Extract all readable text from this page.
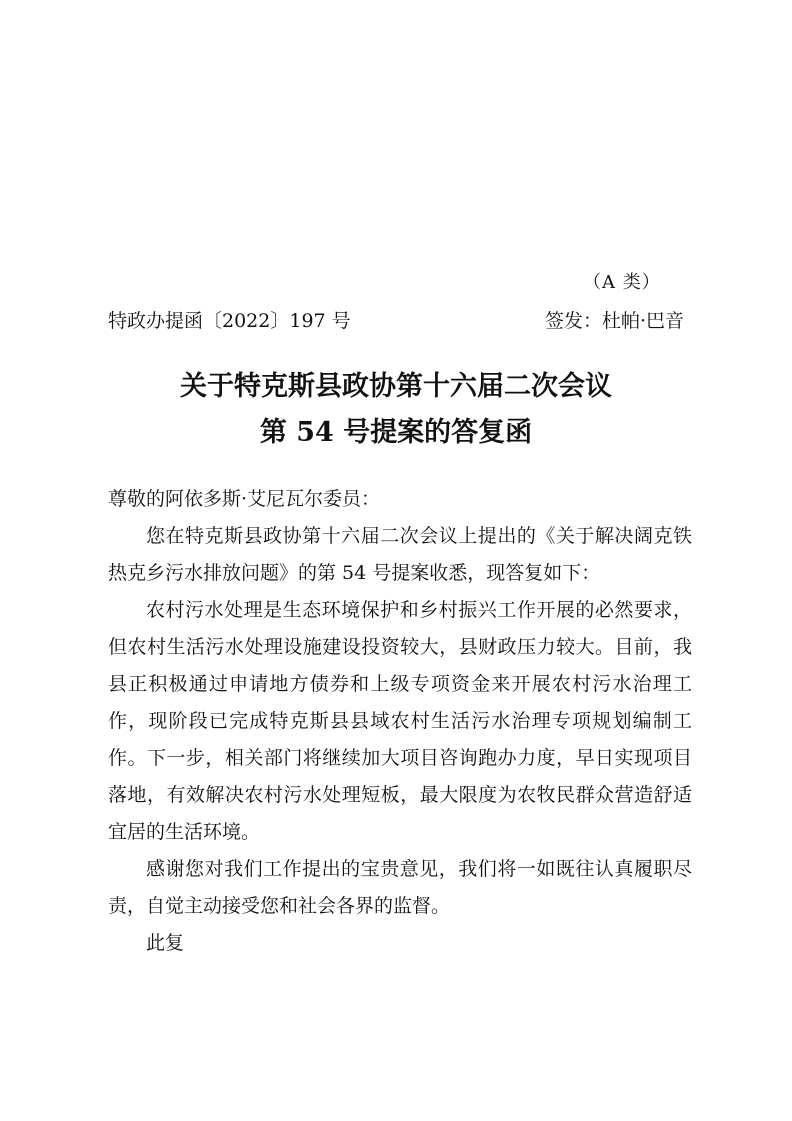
（A 类）
特政办提函〔2022〕197 号	签发：杜帕·巴音
关于特克斯县政协第十六届二次会议
第 54 号提案的答复函
尊敬的阿依多斯·艾尼瓦尔委员：

您在特克斯县政协第十六届二次会议上提出的《关于解决阔克铁热克乡污水排放问题》的第 54 号提案收悉，现答复如下：

农村污水处理是生态环境保护和乡村振兴工作开展的必然要求，但农村生活污水处理设施建设投资较大，县财政压力较大。目前，我县正积极通过申请地方债券和上级专项资金来开展农村污水治理工作，现阶段已完成特克斯县县域农村生活污水治理专项规划编制工作。下一步，相关部门将继续加大项目咨询跑办力度，早日实现项目落地，有效解决农村污水处理短板，最大限度为农牧民群众营造舒适宜居的生活环境。

感谢您对我们工作提出的宝贵意见，我们将一如既往认真履职尽责，自觉主动接受您和社会各界的监督。

此复
